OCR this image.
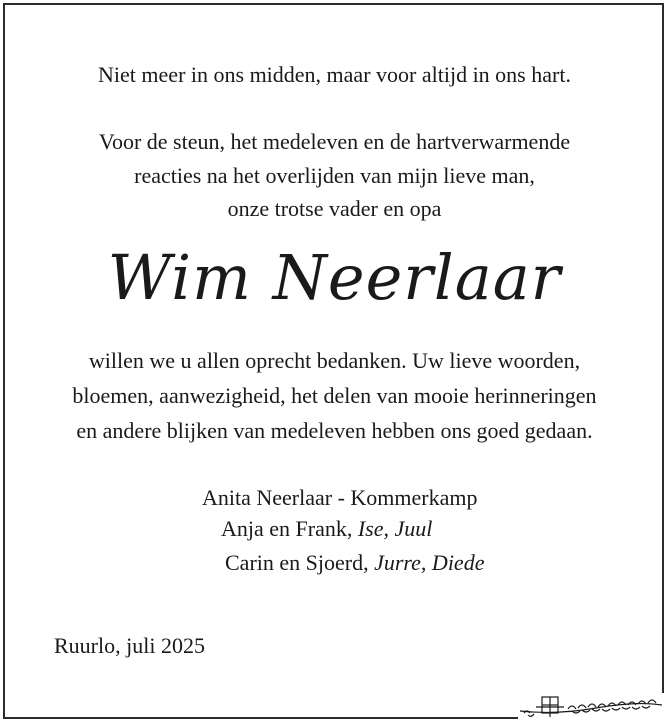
Niet meer in ons midden, maar voor altijd in ons hart.
Voor de steun, het medeleven en de hartverwarmende
reacties na het overlijden van mijn lieve man,
onze trotse vader en opa
Wim Neerlaar
willen we u allen oprecht bedanken. Uw lieve woorden,
bloemen, aanwezigheid, het delen van mooie herinneringen
en andere blijken van medeleven hebben ons goed gedaan.
Anita Neerlaar - Kommerkamp
Anja en Frank, Ise, Juul
Carin en Sjoerd, Jurre, Diede
Ruurlo, juli 2025
